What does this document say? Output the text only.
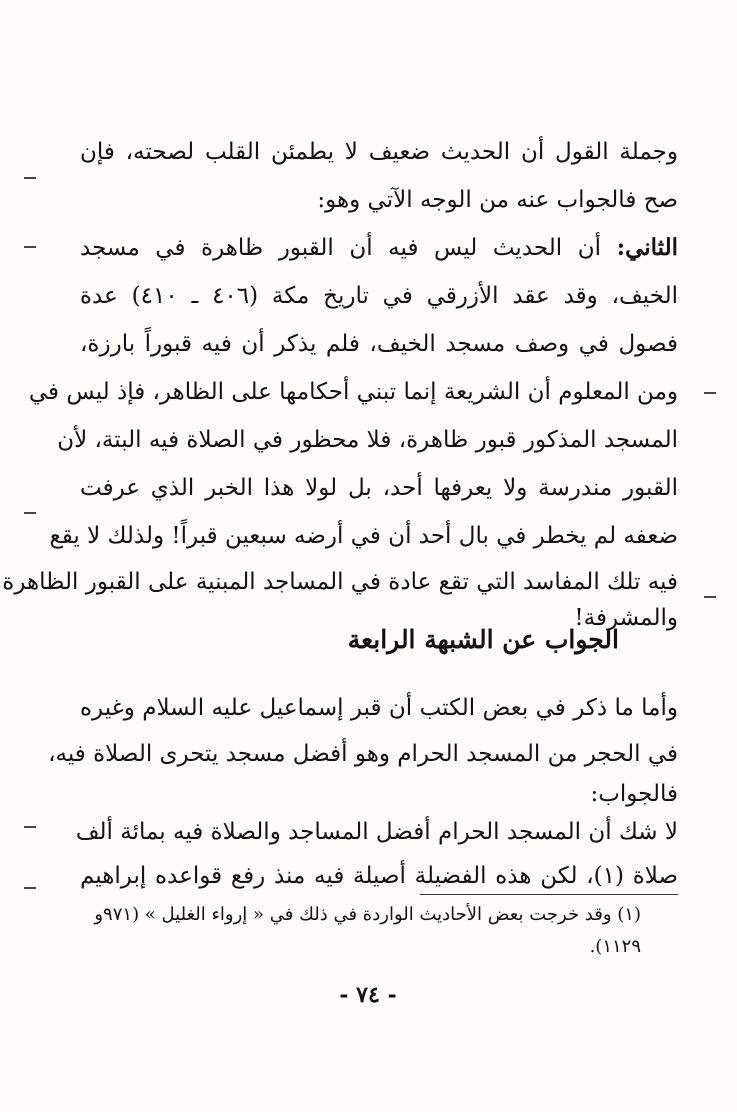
وجملة القول أن الحديث ضعيف لا يطمئن القلب لصحته، فإن
صح فالجواب عنه من الوجه الآتي وهو:
الثاني: أن الحديث ليس فيه أن القبور ظاهرة في مسجد
الخيف، وقد عقد الأزرقي في تاريخ مكة (٤٠٦ ـ ٤١٠) عدة
فصول في وصف مسجد الخيف، فلم يذكر أن فيه قبوراً بارزة،
ومن المعلوم أن الشريعة إنما تبني أحكامها على الظاهر، فإذ ليس في
المسجد المذكور قبور ظاهرة، فلا محظور في الصلاة فيه البتة، لأن
القبور مندرسة ولا يعرفها أحد، بل لولا هذا الخبر الذي عرفت
ضعفه لم يخطر في بال أحد أن في أرضه سبعين قبراً! ولذلك لا يقع
فيه تلك المفاسد التي تقع عادة في المساجد المبنية على القبور الظاهرة
والمشرفة!
الجواب عن الشبهة الرابعة
وأما ما ذكر في بعض الكتب أن قبر إسماعيل عليه السلام وغيره
في الحجر من المسجد الحرام وهو أفضل مسجد يتحرى الصلاة فيه،
فالجواب:
لا شك أن المسجد الحرام أفضل المساجد والصلاة فيه بمائة ألف
صلاة (١)، لكن هذه الفضيلة أصيلة فيه منذ رفع قواعده إبراهيم
(١) وقد خرجت بعض الأحاديث الواردة في ذلك في « إرواء الغليل » (٩٧١و
١١٢٩).
- ٧٤ -
